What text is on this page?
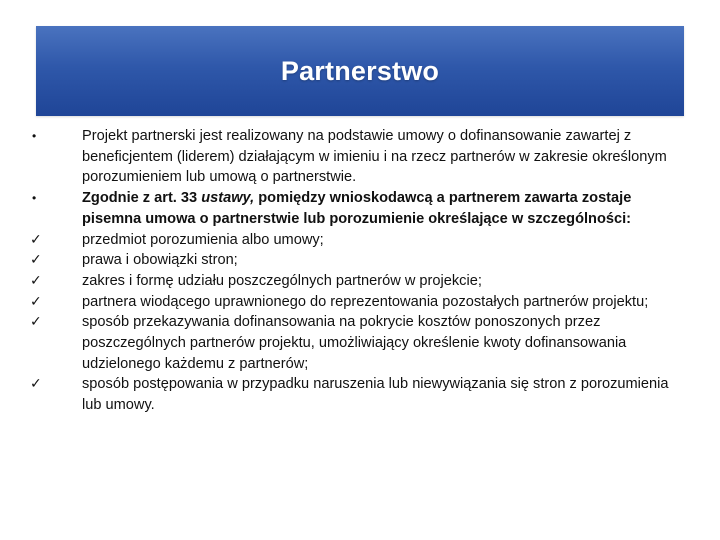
Partnerstwo
•	Projekt partnerski jest realizowany na podstawie umowy o dofinansowanie zawartej z beneficjentem (liderem) działającym w imieniu i na rzecz partnerów w zakresie określonym porozumieniem lub umową o partnerstwie.
•	Zgodnie z art. 33 ustawy, pomiędzy wnioskodawcą a partnerem zawarta zostaje pisemna umowa o partnerstwie lub porozumienie określające w szczególności:
✓	przedmiot porozumienia albo umowy;
✓	prawa i obowiązki stron;
✓	zakres i formę udziału poszczególnych partnerów w projekcie;
✓	partnera wiodącego uprawnionego do reprezentowania pozostałych partnerów projektu;
✓	sposób przekazywania dofinansowania na pokrycie kosztów ponoszonych przez poszczególnych partnerów projektu, umożliwiający określenie kwoty dofinansowania udzielonego każdemu z partnerów;
✓	sposób postępowania w przypadku naruszenia lub niewywiązania się stron z porozumienia lub umowy.
